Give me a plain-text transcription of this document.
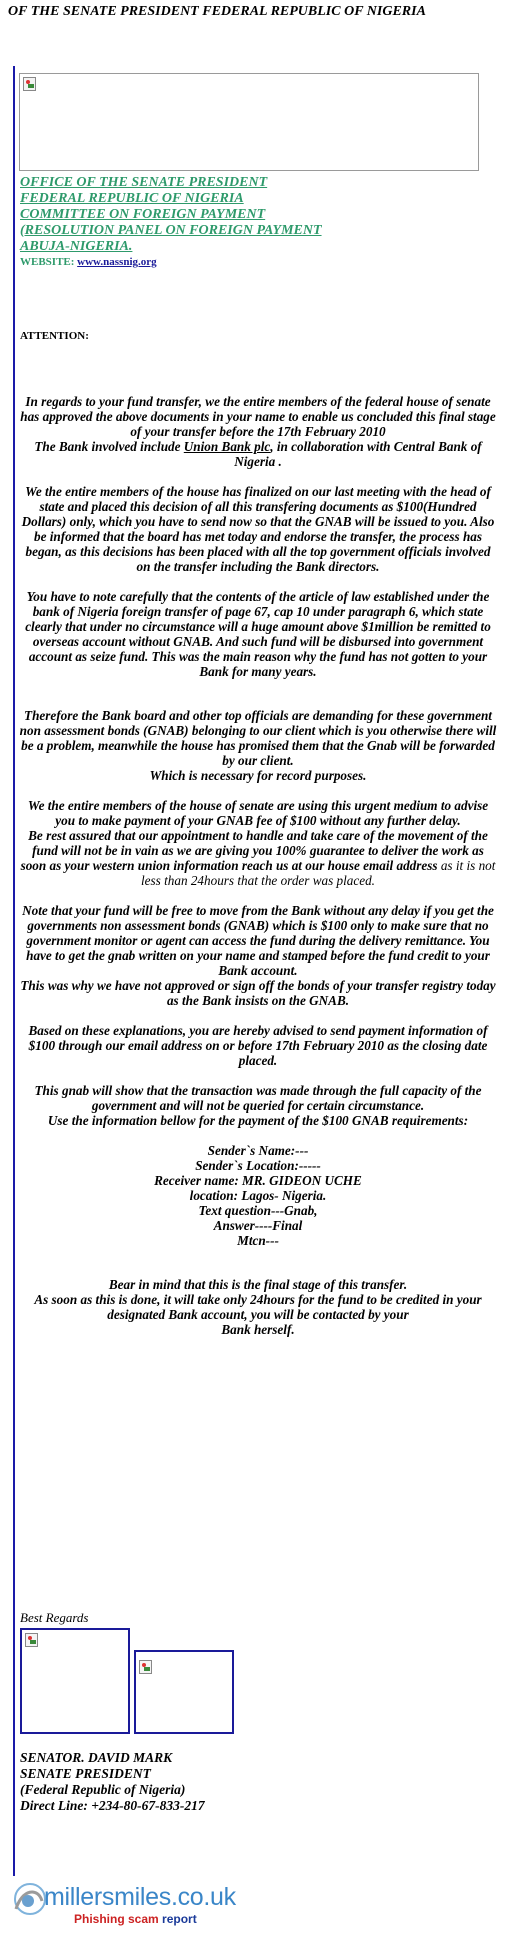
OF THE SENATE PRESIDENT FEDERAL REPUBLIC OF NIGERIA
OFFICE OF THE SENATE PRESIDENT
FEDERAL REPUBLIC OF NIGERIA
COMMITTEE ON FOREIGN PAYMENT
(RESOLUTION PANEL ON FOREIGN PAYMENT
ABUJA-NIGERIA.
WEBSITE: www.nassnig.org
ATTENTION:

In regards to your fund transfer, we the entire members of the federal house of senate has approved the above documents in your name to enable us concluded this final stage of your transfer before the 17th February 2010
The Bank involved include Union Bank plc, in collaboration with Central Bank of Nigeria .

We the entire members of the house has finalized on our last meeting with the head of state and placed this decision of all this transfering documents as $100(Hundred Dollars) only, which you have to send now so that the GNAB will be issued to you. Also be informed that the board has met today and endorse the transfer, the process has began, as this decisions has been placed with all the top government officials involved on the transfer including the Bank directors.

You have to note carefully that the contents of the article of law established under the bank of Nigeria foreign transfer of page 67, cap 10 under paragraph 6, which state clearly that under no circumstance will a huge amount above $1million be remitted to overseas account without GNAB. And such fund will be disbursed into government account as seize fund. This was the main reason why the fund has not gotten to your Bank for many years.

Therefore the Bank board and other top officials are demanding for these government non assessment bonds (GNAB) belonging to our client which is you otherwise there will be a problem, meanwhile the house has promised them that the Gnab will be forwarded by our client.
Which is necessary for record purposes.

We the entire members of the house of senate are using this urgent medium to advise you to make payment of your GNAB fee of $100 without any further delay.
Be rest assured that our appointment to handle and take care of the movement of the fund will not be in vain as we are giving you 100% guarantee to deliver the work as soon as your western union information reach us at our house email address as it is not less than 24hours that the order was placed.

Note that your fund will be free to move from the Bank without any delay if you get the governments non assessment bonds (GNAB) which is $100 only to make sure that no government monitor or agent can access the fund during the delivery remittance. You have to get the gnab written on your name and stamped before the fund credit to your Bank account.
This was why we have not approved or sign off the bonds of your transfer registry today as the Bank insists on the GNAB.

Based on these explanations, you are hereby advised to send payment information of $100 through our email address on or before 17th February 2010 as the closing date placed.

This gnab will show that the transaction was made through the full capacity of the government and will not be queried for certain circumstance.
Use the information bellow for the payment of the $100 GNAB requirements:

Sender`s Name:---
Sender`s Location:-----
Receiver name: MR. GIDEON UCHE
location: Lagos- Nigeria.
Text question---Gnab,
Answer----Final
Mtcn---

Bear in mind that this is the final stage of this transfer.
As soon as this is done, it will take only 24hours for the fund to be credited in your designated Bank account, you will be contacted by your
Bank herself.

Best Regards
SENATOR. DAVID MARK
SENATE PRESIDENT
(Federal Republic of Nigeria)
Direct Line: +234-80-67-833-217
millersmiles.co.uk
Phishing scam report
